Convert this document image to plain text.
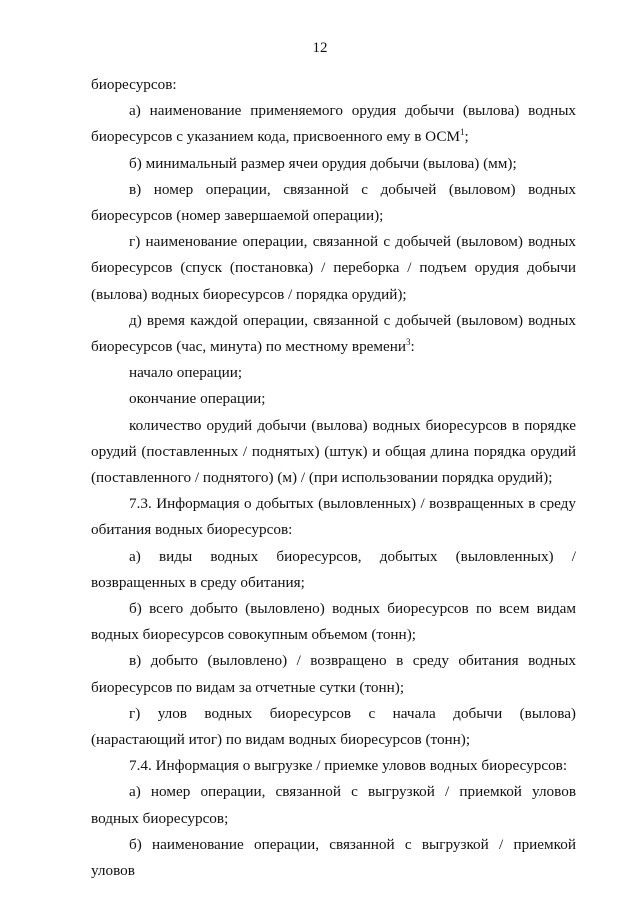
12

биоресурсов:

а) наименование применяемого орудия добычи (вылова) водных биоресурсов с указанием кода, присвоенного ему в ОСМ$^1$;

б) минимальный размер ячеи орудия добычи (вылова) (мм);

в) номер операции, связанной с добычей (выловом) водных биоресурсов (номер завершаемой операции);

г) наименование операции, связанной с добычей (выловом) водных биоресурсов (спуск (постановка) / переборка / подъем орудия добычи (вылова) водных биоресурсов / порядка орудий);

д) время каждой операции, связанной с добычей (выловом) водных биоресурсов (час, минута) по местному времени$^3$:

начало операции;

окончание операции;

количество орудий добычи (вылова) водных биоресурсов в порядке орудий (поставленных / поднятых) (штук) и общая длина порядка орудий (поставленного / поднятого) (м) / (при использовании порядка орудий);

7.3. Информация о добытых (выловленных) / возвращенных в среду обитания водных биоресурсов:

а) виды водных биоресурсов, добытых (выловленных) / возвращенных в среду обитания;

б) всего добыто (выловлено) водных биоресурсов по всем видам водных биоресурсов совокупным объемом (тонн);

в) добыто (выловлено) / возвращено в среду обитания водных биоресурсов по видам за отчетные сутки (тонн);

г) улов водных биоресурсов с начала добычи (вылова) (нарастающий итог) по видам водных биоресурсов (тонн);

7.4. Информация о выгрузке / приемке уловов водных биоресурсов:

а) номер операции, связанной с выгрузкой / приемкой уловов водных биоресурсов;

б) наименование операции, связанной с выгрузкой / приемкой уловов
